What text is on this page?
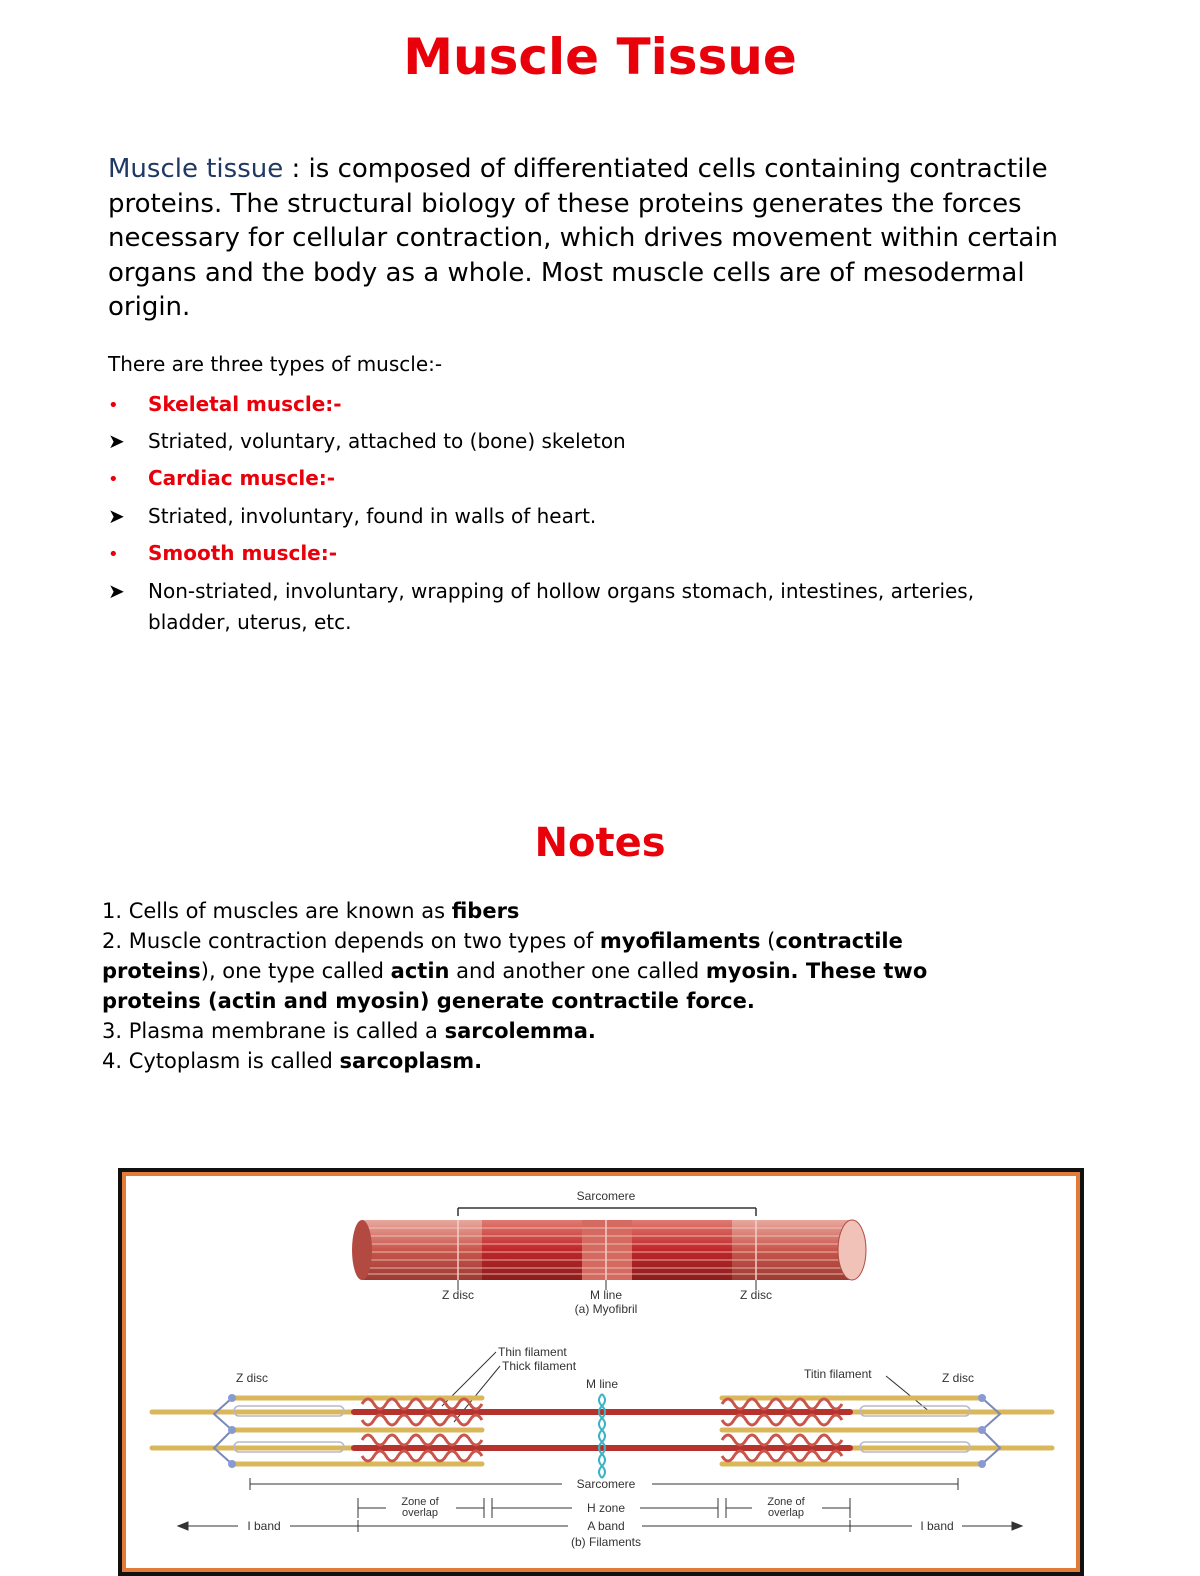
Muscle Tissue
Muscle tissue : is composed of differentiated cells containing contractile
proteins. The structural biology of these proteins generates the forces
necessary for cellular contraction, which drives movement within certain
organs and the body as a whole. Most muscle cells are of mesodermal
origin.
There are three types of muscle:-
• Skeletal muscle:-
➤ Striated, voluntary, attached to (bone) skeleton
• Cardiac muscle:-
➤ Striated, involuntary, found in walls of heart.
• Smooth muscle:-
➤ Non-striated, involuntary, wrapping of hollow organs stomach, intestines, arteries,
bladder, uterus, etc.
Notes
1. Cells of muscles are known as fibers
2. Muscle contraction depends on two types of myofilaments (contractile
proteins), one type called actin and another one called myosin. These two
proteins (actin and myosin) generate contractile force.
3. Plasma membrane is called a sarcolemma.
4. Cytoplasm is called sarcoplasm.
Sarcomere
Z disc	M line	Z disc
(a) Myofibril
Thin filament
Thick filament
M line
Z disc	Z disc
Titin filament
Sarcomere
Zone of
overlap	H zone	Zone of
overlap
I band	A band	I band
(b) Filaments
